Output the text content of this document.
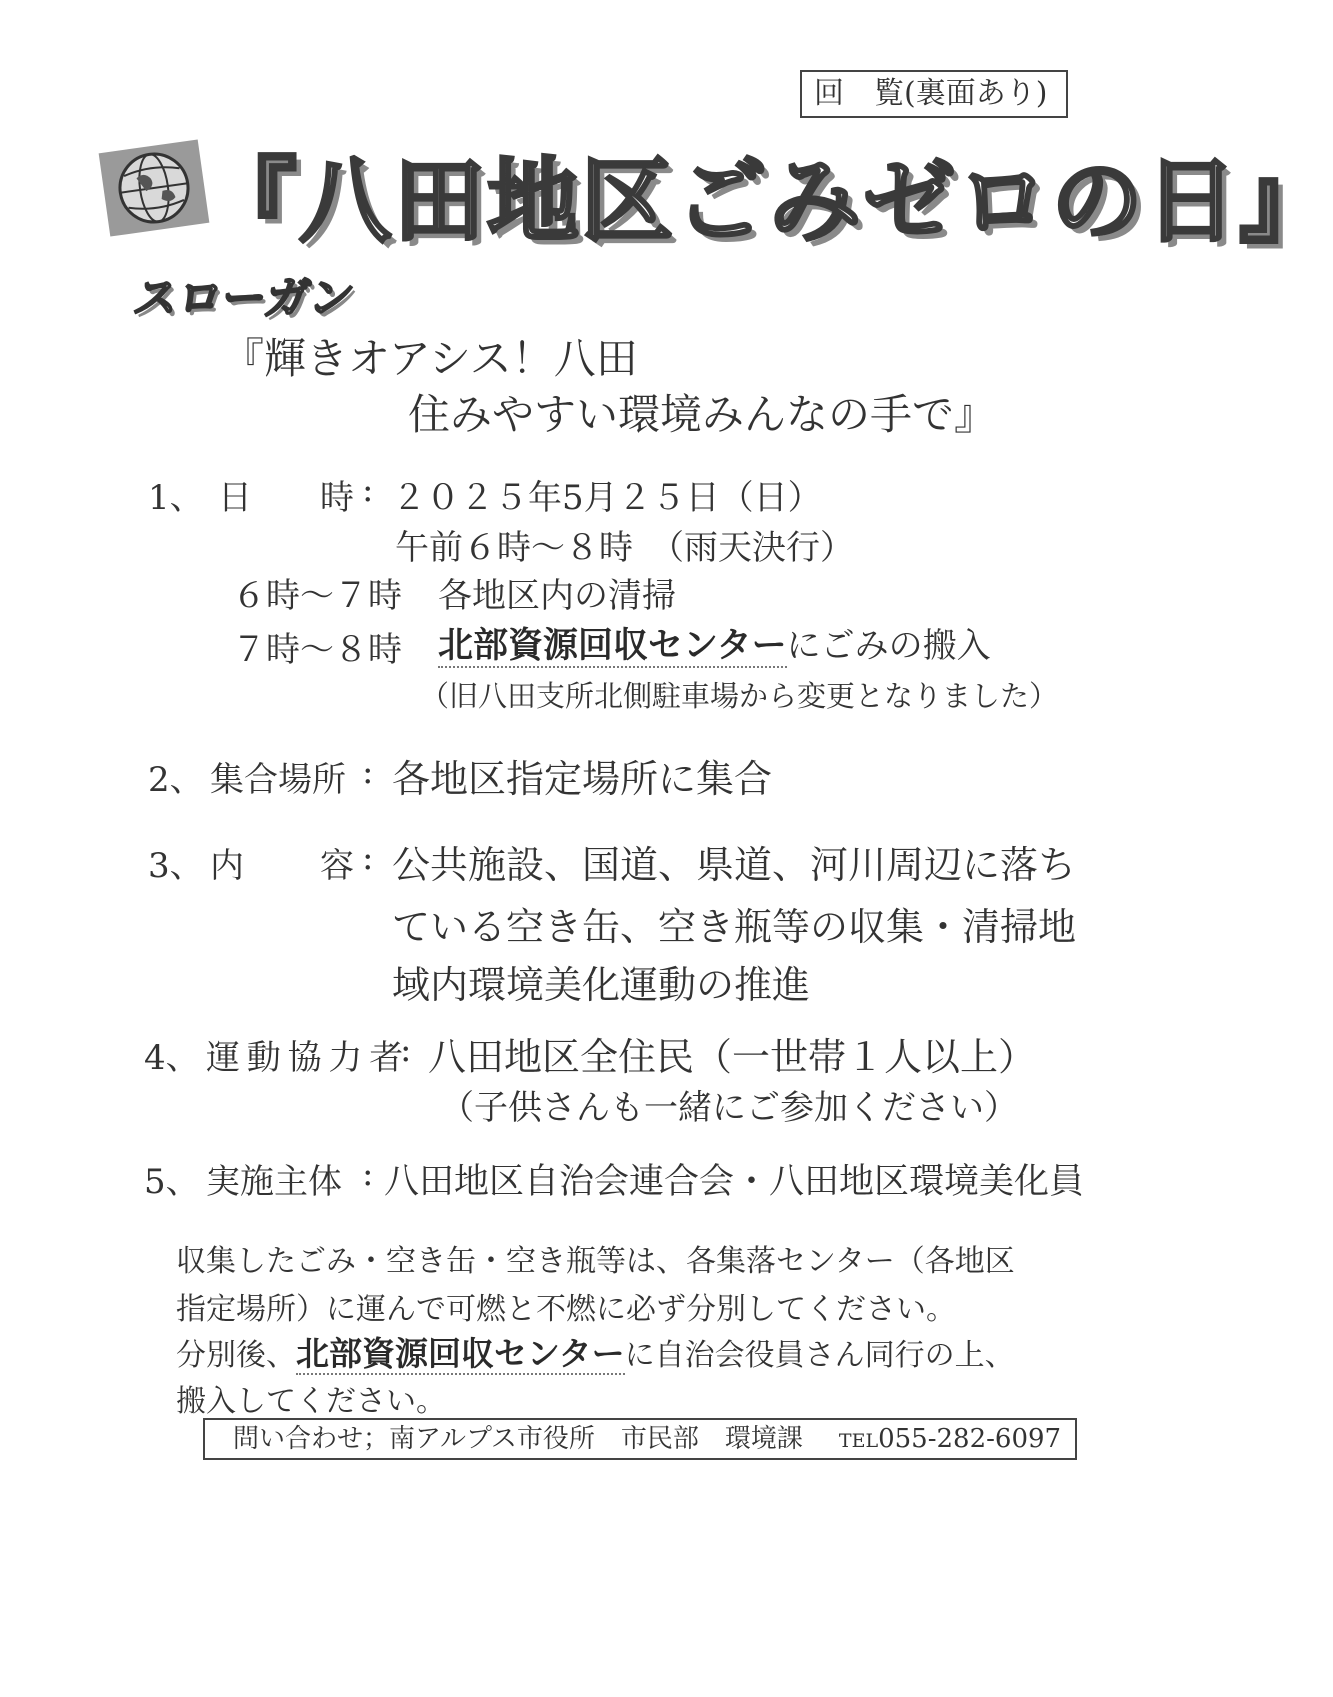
回　覧(裏面あり)
『八田地区ごみゼロの日』
スローガン
『輝きオアシス！八田
住みやすい環境みんなの手で』
1、 日 時 : ２０２５年5月２５日（日）
午前６時～８時　（雨天決行）
６時～７時 各地区内の清掃
７時～８時 北部資源回収センターにごみの搬入
（旧八田支所北側駐車場から変更となりました）
2、 集合場所 : 各地区指定場所に集合
3、 内 容 : 公共施設、国道、県道、河川周辺に落ち
ている空き缶、空き瓶等の収集・清掃地
域内環境美化運動の推進
4、 運 動 協 力 者
: 八田地区全住民（一世帯１人以上）
（子供さんも一緒にご参加ください）
5、 実施主体 : 八田地区自治会連合会・八田地区環境美化員
収集したごみ・空き缶・空き瓶等は、各集落センター（各地区
指定場所）に運んで可燃と不燃に必ず分別してください。
分別後、北部資源回収センターに自治会役員さん同行の上、
搬入してください。
問い合わせ；南アルプス市役所　市民部　環境課 TEL055-282-6097
